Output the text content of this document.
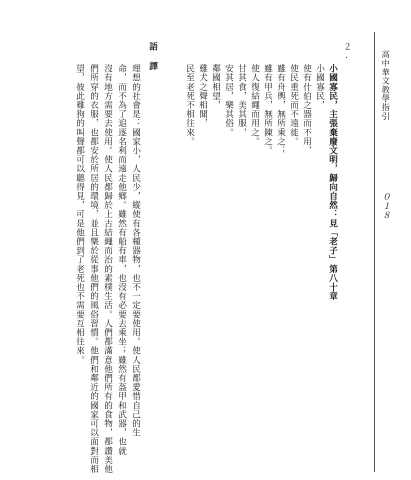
高中華文教學指引
０１８
２.
小國寡民，主張棄廢文明，歸向自然：見「老子」第八十章
小國寡民，
使有什伯之器而不用，
使民重死而不遠徙。
雖有舟輿，無所乘之；
雖有甲兵，無所陳之。
使人復結繩而用之。
甘其食，美其服，
安其居，樂其俗。
鄰國相望，
雞犬之聲相聞，
民至老死不相往來。
語 譯
理想的社會是：國家小，人民少，縱使有各種器物，也不一定要使用。使人民都愛惜自己的生
命，而不為了追逐名利而遠走他鄉。雖然有船有車，也沒有必要去乘坐；雖然有盔甲和武器，也就
沒有地方需要去使用。使人民都歸於上古結繩而治的素樸生活。人們都滿意他們所有的食物，都讚美他
們所穿的衣服，也都安於所居的環境，並且樂於從事他們的風俗習慣。他們和鄰近的國家可以面對而相
望，彼此雞狗的叫聲都可以聽得見，可是他們到了老死也不需要互相往來。
